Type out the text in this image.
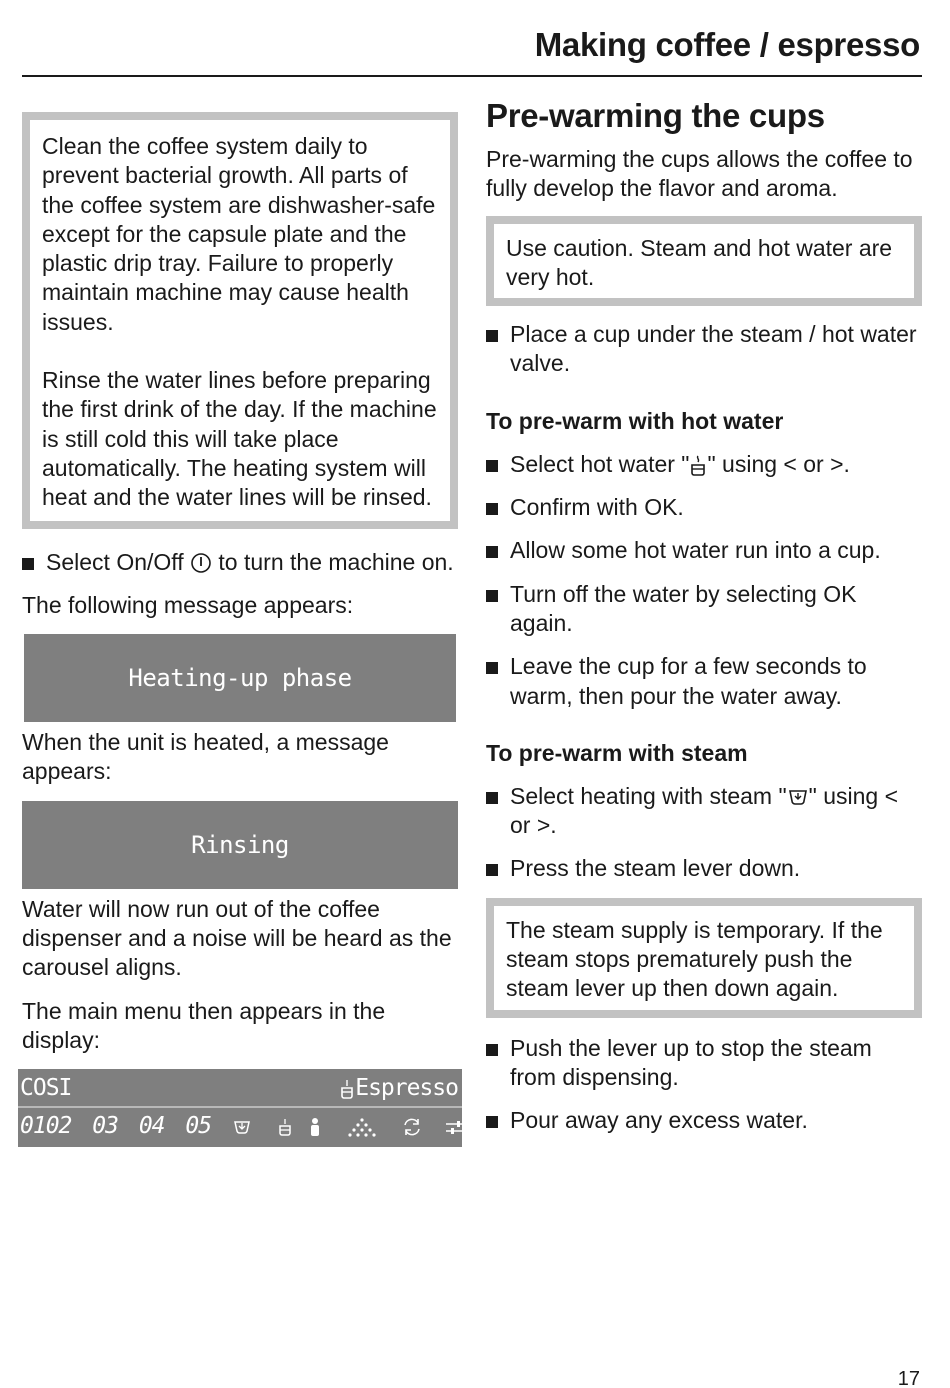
Making coffee / espresso

Clean the coffee system daily to prevent bacterial growth. All parts of the coffee system are dishwasher-safe except for the capsule plate and the plastic drip tray. Failure to properly maintain machine may cause health issues.

Rinse the water lines before preparing the first drink of the day. If the machine is still cold this will take place automatically. The heating system will heat and the water lines will be rinsed.

Select On/Off to turn the machine on.

The following message appears:

Heating-up phase

When the unit is heated, a message appears:

Rinsing

Water will now run out of the coffee dispenser and a noise will be heard as the carousel aligns.

The main menu then appears in the display:

COSI	Espresso
0102 03 04 05
Pre-warming the cups

Pre-warming the cups allows the coffee to fully develop the flavor and aroma.

Use caution. Steam and hot water are very hot.

Place a cup under the steam / hot water valve.
To pre-warm with hot water
Select hot water " " using < or >.
Confirm with OK.
Allow some hot water run into a cup.
Turn off the water by selecting OK again.
Leave the cup for a few seconds to warm, then pour the water away.
To pre-warm with steam
Select heating with steam " " using < or >.
Press the steam lever down.

The steam supply is temporary. If the steam stops prematurely push the steam lever up then down again.

Push the lever up to stop the steam from dispensing.
Pour away any excess water.
17
